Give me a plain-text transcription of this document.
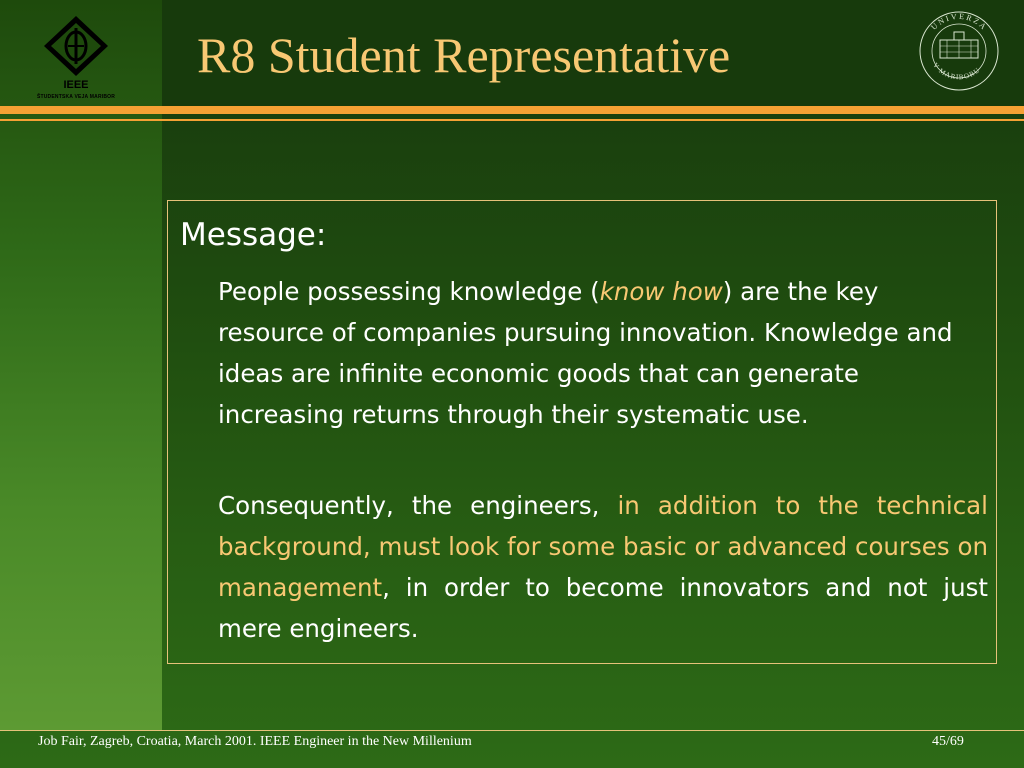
IEEE
ŠTUDENTSKA VEJA MARIBOR
R8 Student Representative
UNIVERZA
V MARIBORU
Message:

People possessing knowledge (know how) are the key resource of companies pursuing innovation. Knowledge and ideas are infinite economic goods that can generate increasing returns through their systematic use.

Consequently, the engineers, in addition to the technical background, must look for some basic or advanced courses on management, in order to become innovators and not just mere engineers.

Job Fair, Zagreb, Croatia, March 2001. IEEE Engineer in the New Millenium	45/69
